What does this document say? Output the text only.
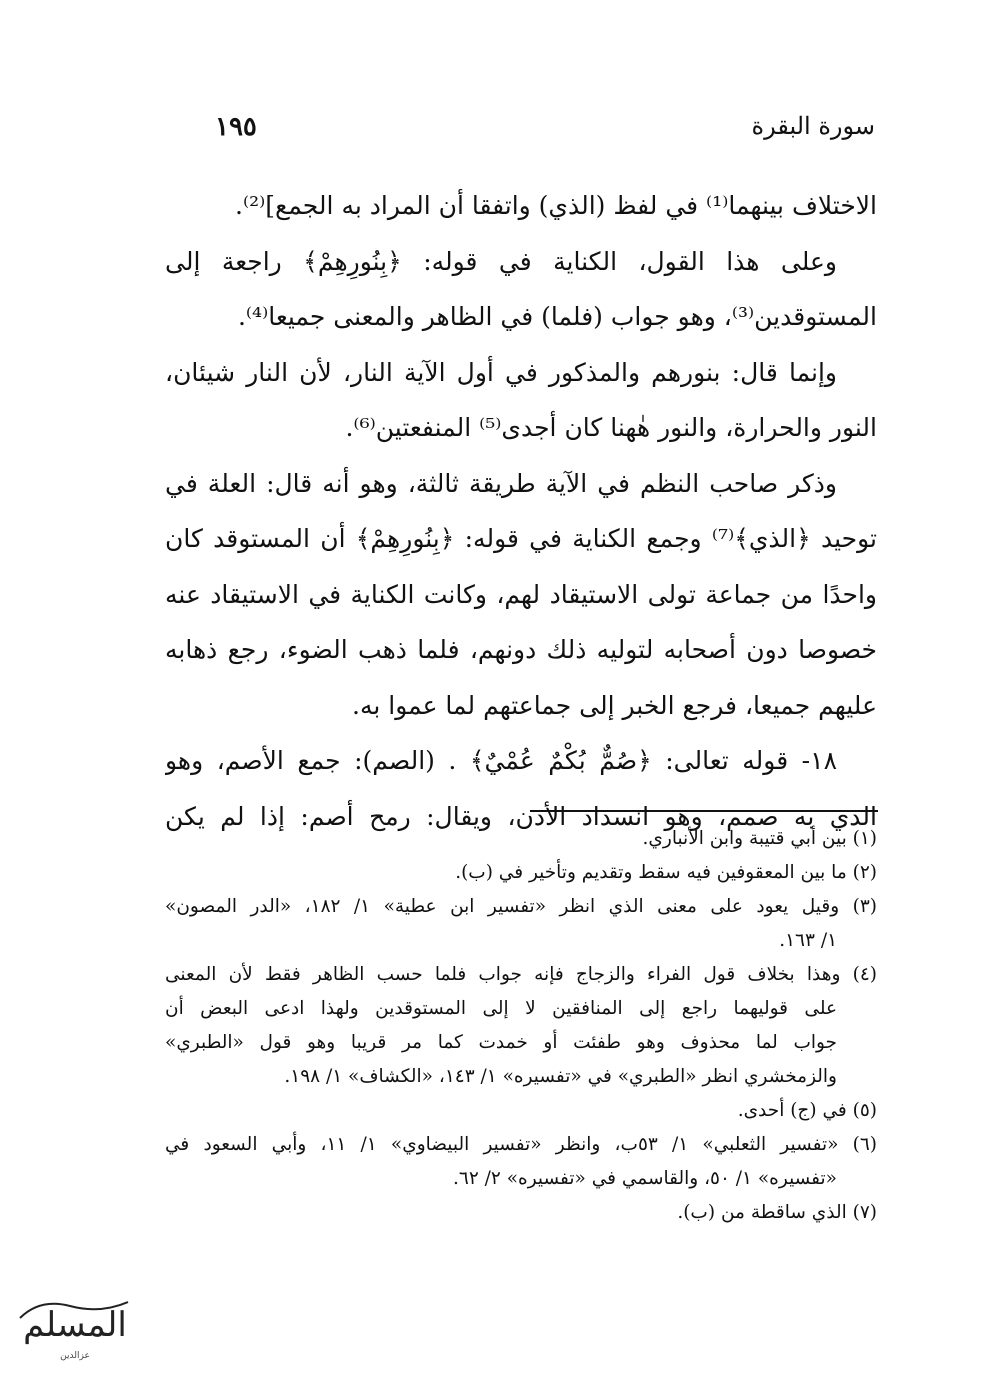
سورة البقرة
١٩٥
الاختلاف بينهما⁽¹⁾ في لفظ (الذي) واتفقا أن المراد به الجمع]⁽²⁾.
وعلى هذا القول، الكناية في قوله: ﴿بِنُورِهِمْ﴾ راجعة إلى
المستوقدين⁽³⁾، وهو جواب (فلما) في الظاهر والمعنى جميعا⁽⁴⁾.
وإنما قال: بنورهم والمذكور في أول الآية النار، لأن النار شيئان،
النور والحرارة، والنور هٰهنا كان أجدى⁽⁵⁾ المنفعتين⁽⁶⁾.
وذكر صاحب النظم في الآية طريقة ثالثة، وهو أنه قال: العلة في
توحيد ﴿الذي﴾⁽⁷⁾ وجمع الكناية في قوله: ﴿بِنُورِهِمْ﴾ أن المستوقد كان
واحدًا من جماعة تولى الاستيقاد لهم، وكانت الكناية في الاستيقاد عنه
خصوصا دون أصحابه لتوليه ذلك دونهم، فلما ذهب الضوء، رجع ذهابه
عليهم جميعا، فرجع الخبر إلى جماعتهم لما عموا به.
١٨- قوله تعالى: ﴿صُمٌّ بُكْمٌ عُمْيٌ﴾ . (الصم): جمع الأصم، وهو
الذي به صمم، وهو انسداد الأذن، ويقال: رمح أصم: إذا لم يكن
(١) بين أبي قتيبة وابن الأنباري.
(٢) ما بين المعقوفين فيه سقط وتقديم وتأخير في (ب).
(٣) وقيل يعود على معنى الذي انظر «تفسير ابن عطية» ١/ ١٨٢، «الدر المصون»
١/ ١٦٣.
(٤) وهذا بخلاف قول الفراء والزجاج فإنه جواب فلما حسب الظاهر فقط لأن المعنى
على قوليهما راجع إلى المنافقين لا إلى المستوقدين ولهذا ادعى البعض أن
جواب لما محذوف وهو طفئت أو خمدت كما مر قريبا وهو قول «الطبري»
والزمخشري انظر «الطبري» في «تفسيره» ١/ ١٤٣، «الكشاف» ١/ ١٩٨.
(٥) في (ج) أحدى.
(٦) «تفسير الثعلبي» ١/ ٥٣ب، وانظر «تفسير البيضاوي» ١/ ١١، وأبي السعود في
«تفسيره» ١/ ٥٠، والقاسمي في «تفسيره» ٢/ ٦٢.
(٧) الذي ساقطة من (ب).
المسلم
عزالدين
